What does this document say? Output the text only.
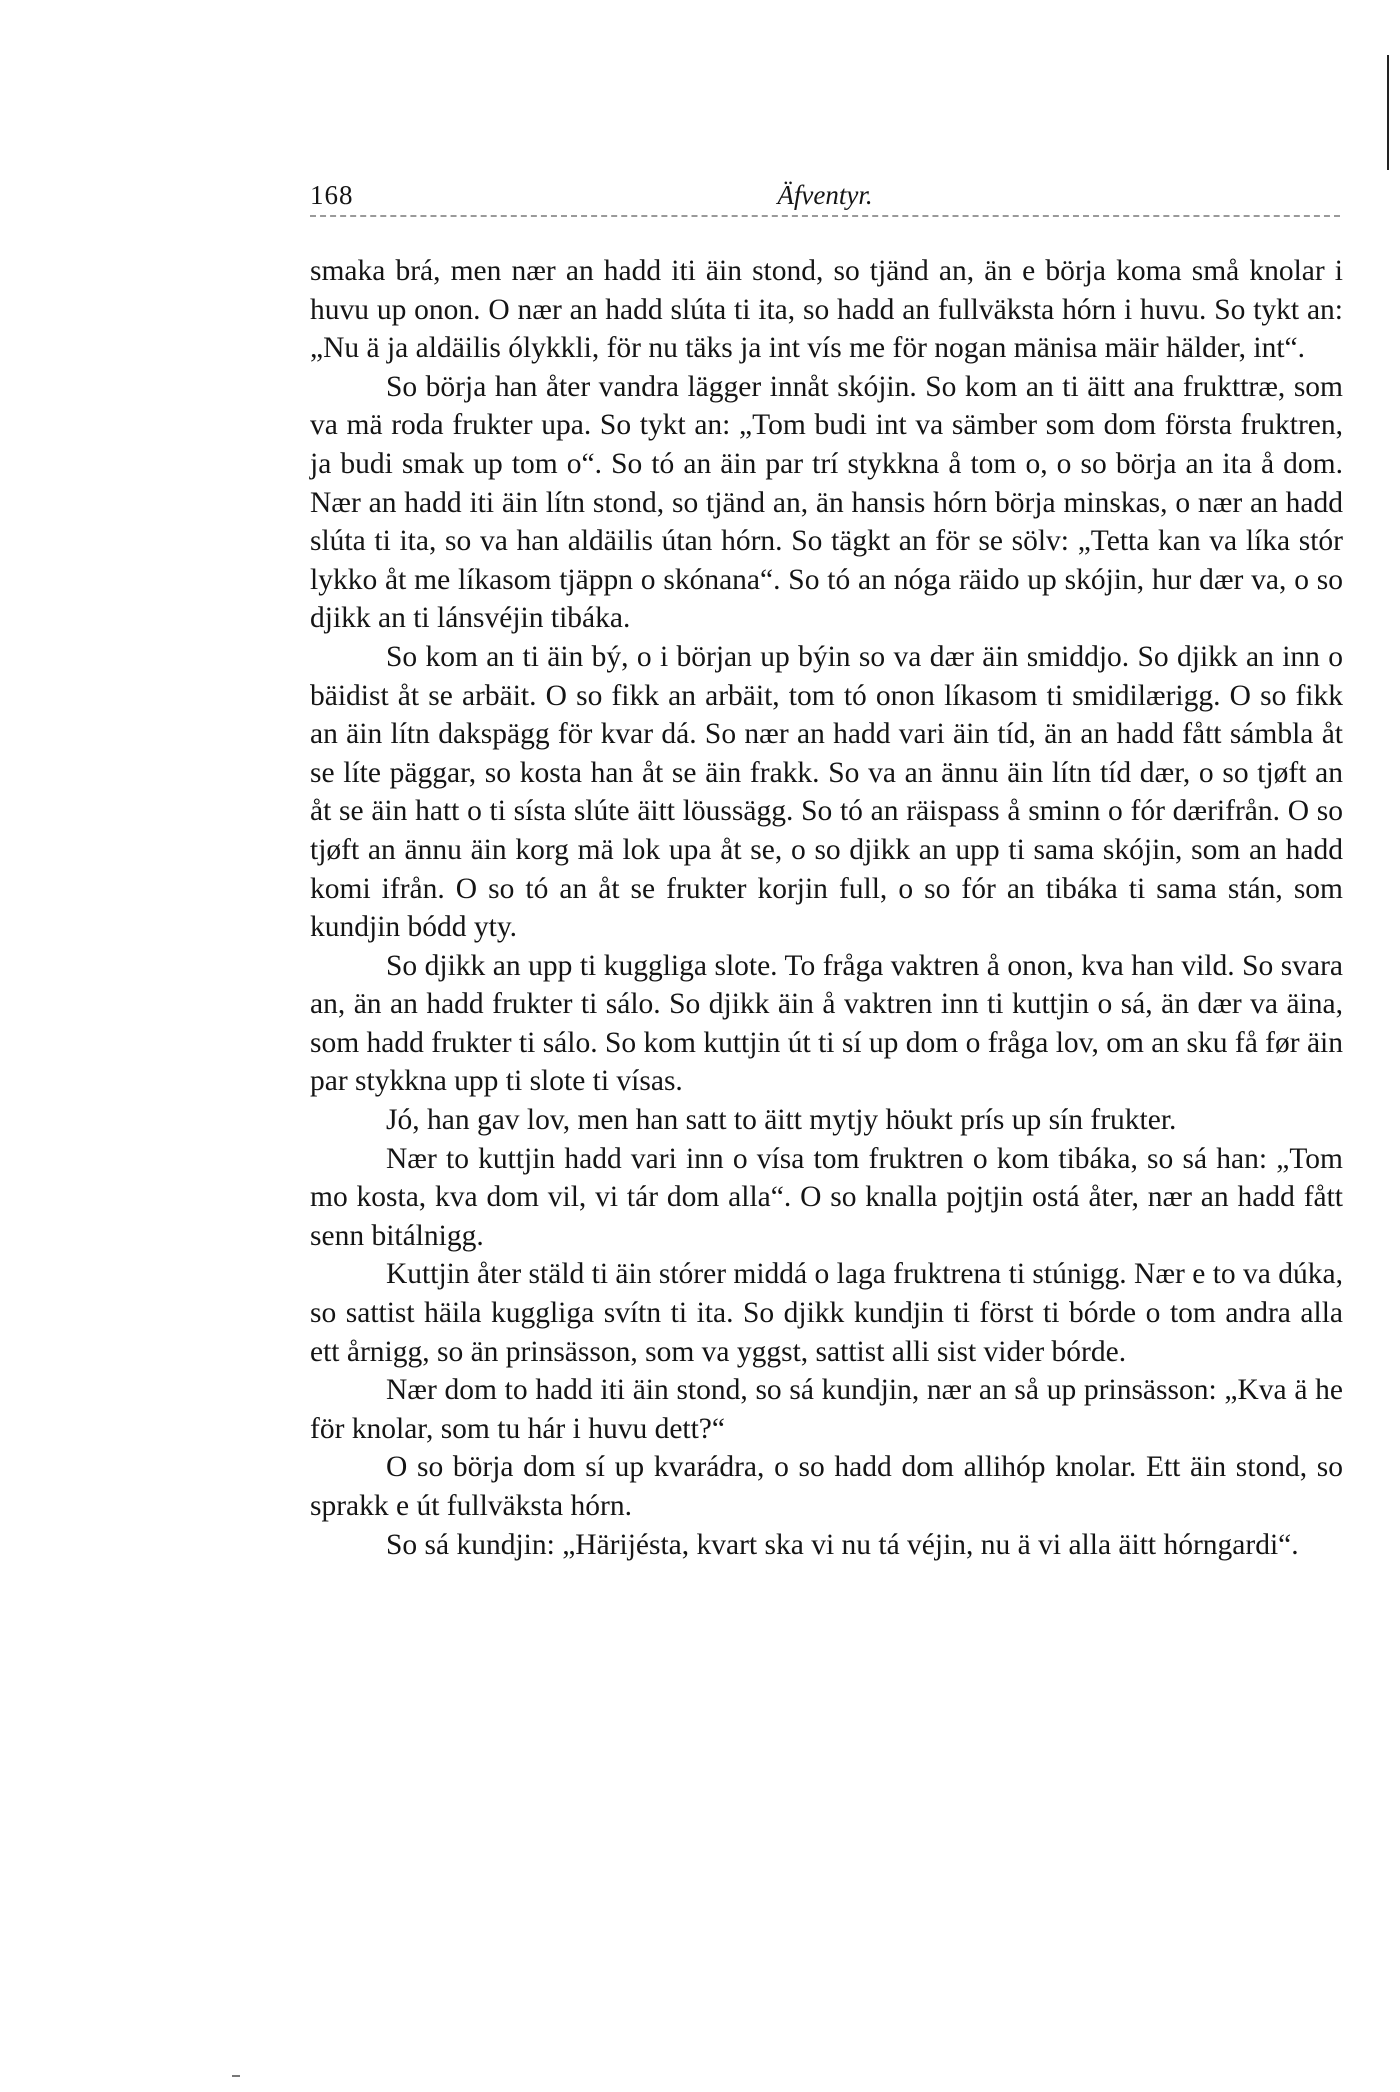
168	Äfventyr.

smaka brá, men nær an hadd iti äin stond, so tjänd an, än e börja koma små knolar i huvu up onon. O nær an hadd slúta ti ita, so hadd an fullväksta hórn i huvu. So tykt an: „Nu ä ja aldäilis ólykkli, för nu täks ja int vís me för nogan mänisa mäir hälder, int“.

So börja han åter vandra lägger innåt skójin. So kom an ti äitt ana frukttræ, som va mä roda frukter upa. So tykt an: „Tom budi int va sämber som dom första fruktren, ja budi smak up tom o“. So tó an äin par trí stykkna å tom o, o so börja an ita å dom. Nær an hadd iti äin lítn stond, so tjänd an, än hansis hórn börja minskas, o nær an hadd slúta ti ita, so va han aldäilis útan hórn. So tägkt an för se sölv: „Tetta kan va líka stór lykko åt me líkasom tjäppn o skónana“. So tó an nóga räido up skójin, hur dær va, o so djikk an ti lánsvéjin tibáka.

So kom an ti äin bý, o i början up býin so va dær äin smiddjo. So djikk an inn o bäidist åt se arbäit. O so fikk an arbäit, tom tó onon líkasom ti smidilærigg. O so fikk an äin lítn dakspägg för kvar dá. So nær an hadd vari äin tíd, än an hadd fått sámbla åt se líte päggar, so kosta han åt se äin frakk. So va an ännu äin lítn tíd dær, o so tjøft an åt se äin hatt o ti sísta slúte äitt löussägg. So tó an räispass å sminn o fór dærifrån. O so tjøft an ännu äin korg mä lok upa åt se, o so djikk an upp ti sama skójin, som an hadd komi ifrån. O so tó an åt se frukter korjin full, o so fór an tibáka ti sama stán, som kundjin bódd yty.

So djikk an upp ti kuggliga slote. To fråga vaktren å onon, kva han vild. So svara an, än an hadd frukter ti sálo. So djikk äin å vaktren inn ti kuttjin o sá, än dær va äina, som hadd frukter ti sálo. So kom kuttjin út ti sí up dom o fråga lov, om an sku få før äin par stykkna upp ti slote ti vísas.

Jó, han gav lov, men han satt to äitt mytjy höukt prís up sín frukter.

Nær to kuttjin hadd vari inn o vísa tom fruktren o kom tibáka, so sá han: „Tom mo kosta, kva dom vil, vi tár dom alla“. O so knalla pojtjin ostá åter, nær an hadd fått senn bitálnigg.

Kuttjin åter stäld ti äin stórer middá o laga fruktrena ti stúnigg. Nær e to va dúka, so sattist häila kuggliga svítn ti ita. So djikk kundjin ti först ti bórde o tom andra alla ett årnigg, so än prinsässon, som va yggst, sattist alli sist vider bórde.

Nær dom to hadd iti äin stond, so sá kundjin, nær an så up prinsässon: „Kva ä he för knolar, som tu hár i huvu dett?“

O so börja dom sí up kvarádra, o so hadd dom allihóp knolar. Ett äin stond, so sprakk e út fullväksta hórn.

So sá kundjin: „Härijésta, kvart ska vi nu tá véjin, nu ä vi alla äitt hórngardi“.
